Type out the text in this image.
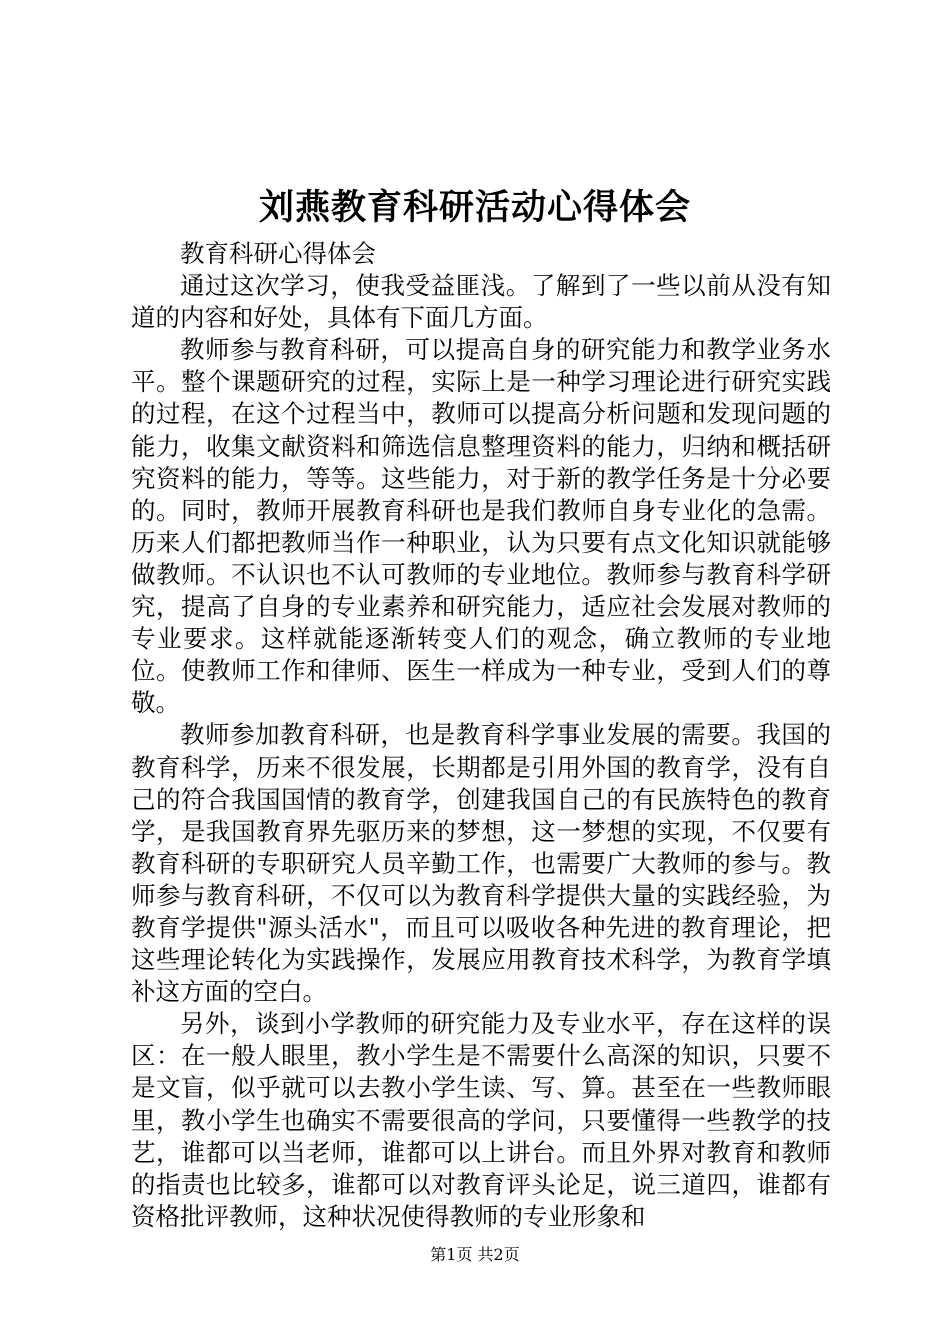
刘燕教育科研活动心得体会

教育科研心得体会

通过这次学习，使我受益匪浅。了解到了一些以前从没有知道的内容和好处，具体有下面几方面。

教师参与教育科研，可以提高自身的研究能力和教学业务水平。整个课题研究的过程，实际上是一种学习理论进行研究实践的过程，在这个过程当中，教师可以提高分析问题和发现问题的能力，收集文献资料和筛选信息整理资料的能力，归纳和概括研究资料的能力，等等。这些能力，对于新的教学任务是十分必要的。同时，教师开展教育科研也是我们教师自身专业化的急需。历来人们都把教师当作一种职业，认为只要有点文化知识就能够做教师。不认识也不认可教师的专业地位。教师参与教育科学研究，提高了自身的专业素养和研究能力，适应社会发展对教师的专业要求。这样就能逐渐转变人们的观念，确立教师的专业地位。使教师工作和律师、医生一样成为一种专业，受到人们的尊敬。

教师参加教育科研，也是教育科学事业发展的需要。我国的教育科学，历来不很发展，长期都是引用外国的教育学，没有自己的符合我国国情的教育学，创建我国自己的有民族特色的教育学，是我国教育界先驱历来的梦想，这一梦想的实现，不仅要有教育科研的专职研究人员辛勤工作，也需要广大教师的参与。教师参与教育科研，不仅可以为教育科学提供大量的实践经验，为教育学提供"源头活水"，而且可以吸收各种先进的教育理论，把这些理论转化为实践操作，发展应用教育技术科学，为教育学填补这方面的空白。

另外，谈到小学教师的研究能力及专业水平，存在这样的误区：在一般人眼里，教小学生是不需要什么高深的知识，只要不是文盲，似乎就可以去教小学生读、写、算。甚至在一些教师眼里，教小学生也确实不需要很高的学问，只要懂得一些教学的技艺，谁都可以当老师，谁都可以上讲台。而且外界对教育和教师的指责也比较多，谁都可以对教育评头论足，说三道四，谁都有资格批评教师，这种状况使得教师的专业形象和

第1页 共2页
